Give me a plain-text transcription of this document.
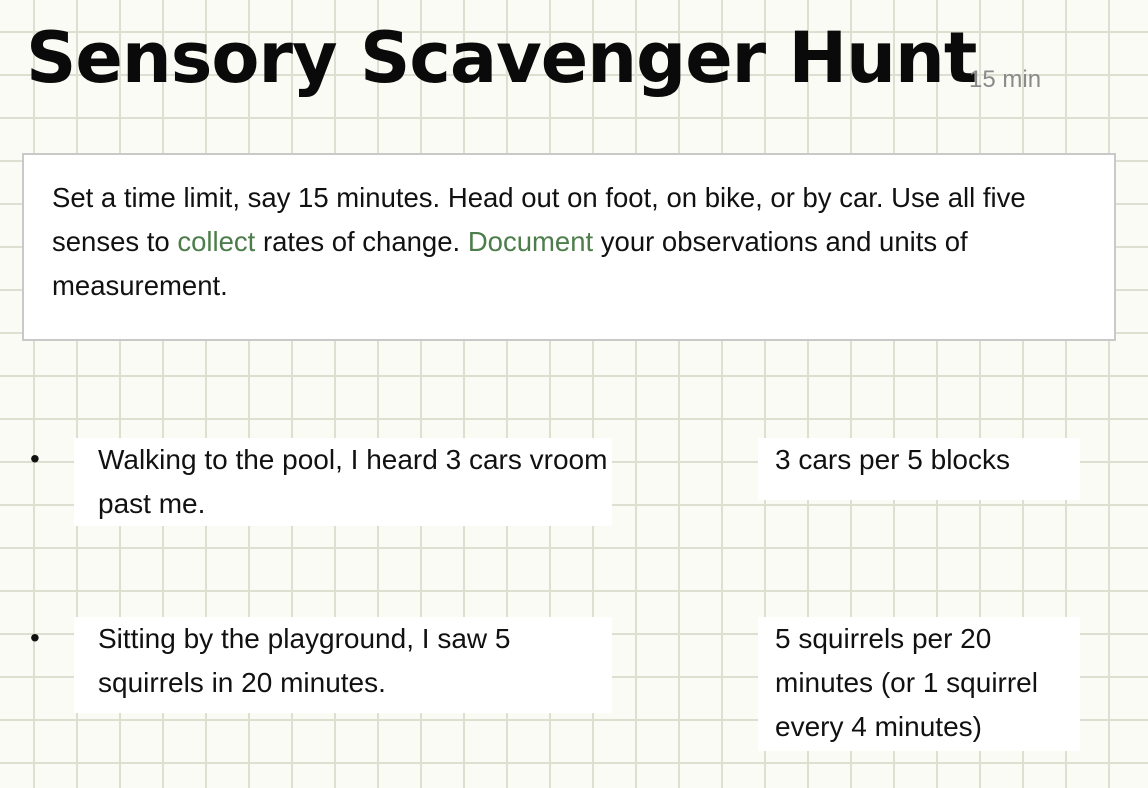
Sensory Scavenger Hunt
15 min

Set a time limit, say 15 minutes. Head out on foot, on bike, or by car. Use all five senses to collect rates of change. Document your observations and units of measurement.

•	Walking to the pool, I heard 3 cars vroom past me.
3 cars per 5 blocks
•	Sitting by the playground, I saw 5 squirrels in 20 minutes.
5 squirrels per 20 minutes (or 1 squirrel every 4 minutes)
